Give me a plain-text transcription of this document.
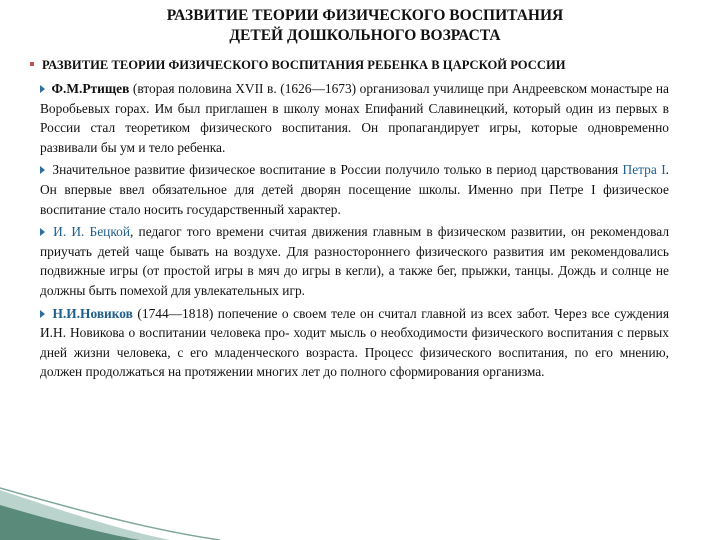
РАЗВИТИЕ ТЕОРИИ ФИЗИЧЕСКОГО ВОСПИТАНИЯ
ДЕТЕЙ ДОШКОЛЬНОГО ВОЗРАСТА
РАЗВИТИЕ ТЕОРИИ ФИЗИЧЕСКОГО ВОСПИТАНИЯ РЕБЕНКА В ЦАРСКОЙ РОССИИ

Ф.М.Ртищев (вторая половина XVII в. (1626—1673) организовал училище при Андреевском монастыре на Воробьевых горах. Им был приглашен в школу монах Епифаний Славинецкий, который один из первых в России стал теоретиком физического воспитания. Он пропагандирует игры, которые одновременно развивали бы ум и тело ребенка.

Значительное развитие физическое воспитание в России получило только в период царствования Петра I. Он впервые ввел обязательное для детей дворян посещение школы. Именно при Петре I физическое воспитание стало носить государственный характер.

И. И. Бецкой, педагог того времени считая движения главным в физическом развитии, он рекомендовал приучать детей чаще бывать на воздухе. Для разностороннего физического развития им рекомендовались подвижные игры (от простой игры в мяч до игры в кегли), а также бег, прыжки, танцы. Дождь и солнце не должны быть помехой для увлекательных игр.

Н.И.Новиков (1744—1818) попечение о своем теле он считал главной из всех забот. Через все суждения И.Н. Новикова о воспитании человека про- ходит мысль о необходимости физического воспитания с первых дней жизни человека, с его младенческого возраста. Процесс физического воспитания, по его мнению, должен продолжаться на протяжении многих лет до полного сформирования организма.
